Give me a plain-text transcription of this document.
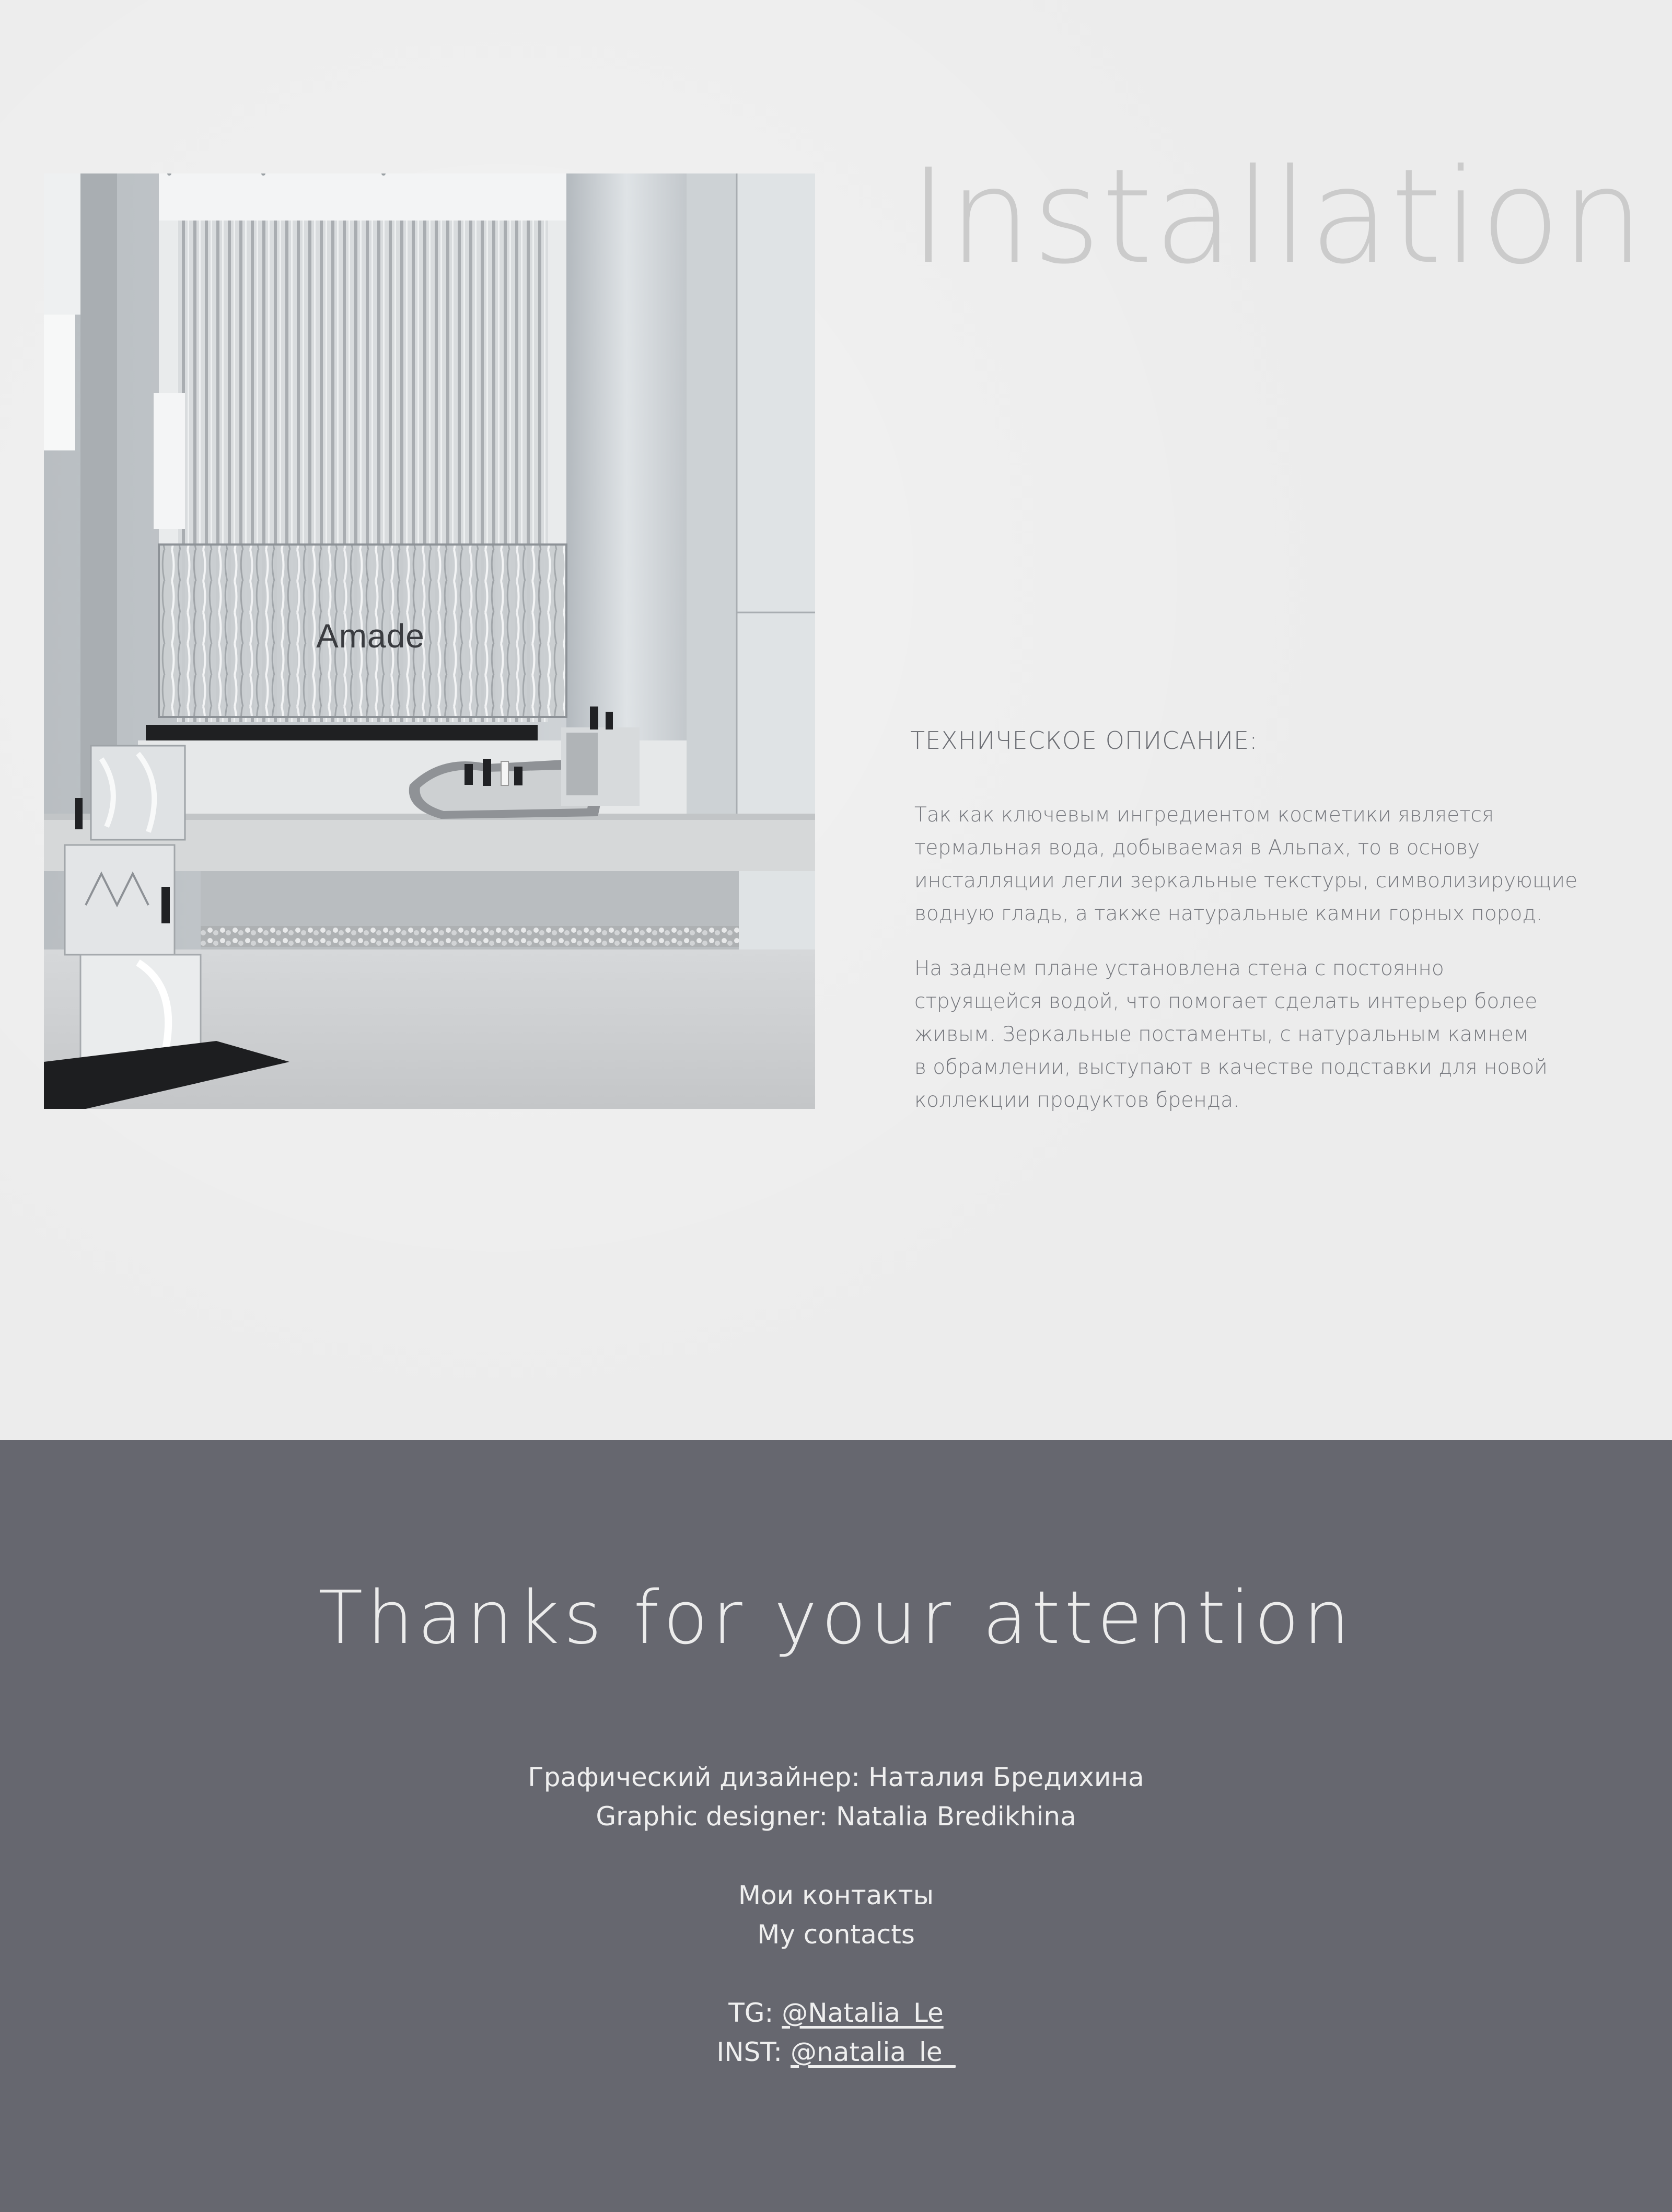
Amade
Installation
ТЕХНИЧЕСКОЕ ОПИСАНИЕ:

Так как ключевым ингредиентом косметики является
термальная вода, добываемая в Альпах, то в основу
инсталляции легли зеркальные текстуры, символизирующие
водную гладь, а также натуральные камни горных пород.

На заднем плане установлена стена с постоянно
струящейся водой, что помогает сделать интерьер более
живым. Зеркальные постаменты, с натуральным камнем
в обрамлении, выступают в качестве подставки для новой
коллекции продуктов бренда.

Thanks for your attention

Графический дизайнер: Наталия Бредихина

Graphic designer: Natalia Bredikhina

Мои контакты

My contacts

TG: @Natalia_Le

INST: @natalia_le_
